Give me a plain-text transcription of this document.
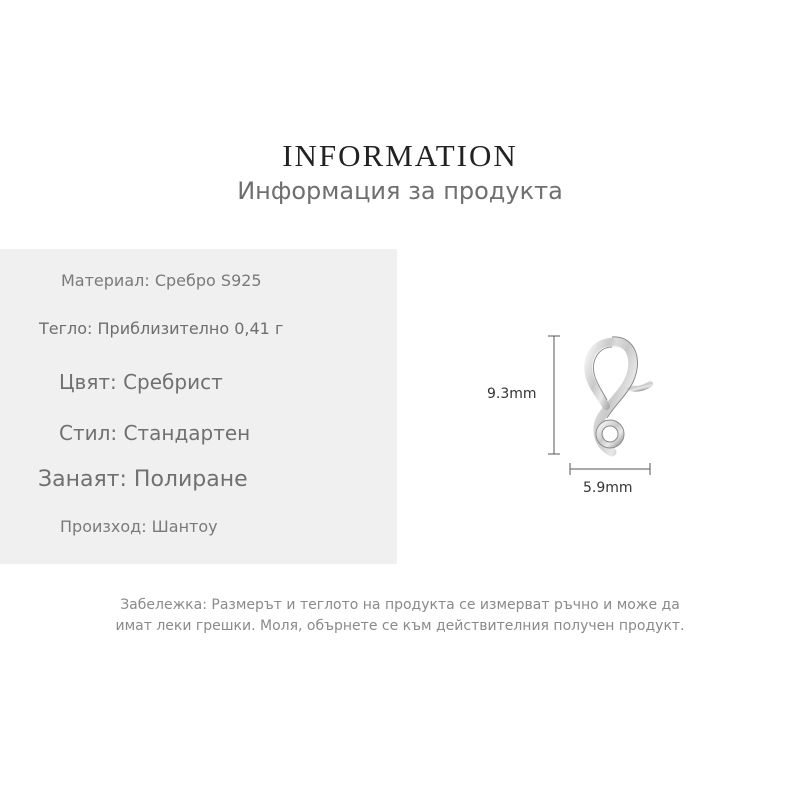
INFORMATION
Информация за продукта
Материал: Сребро S925
Тегло: Приблизително 0,41 г
Цвят: Сребрист
Стил: Стандартен
Занаят: Полиране
Произход: Шантоу
9.3mm
5.9mm
Забележка: Размерът и теглото на продукта се измерват ръчно и може да
имат леки грешки. Моля, обърнете се към действителния получен продукт.
